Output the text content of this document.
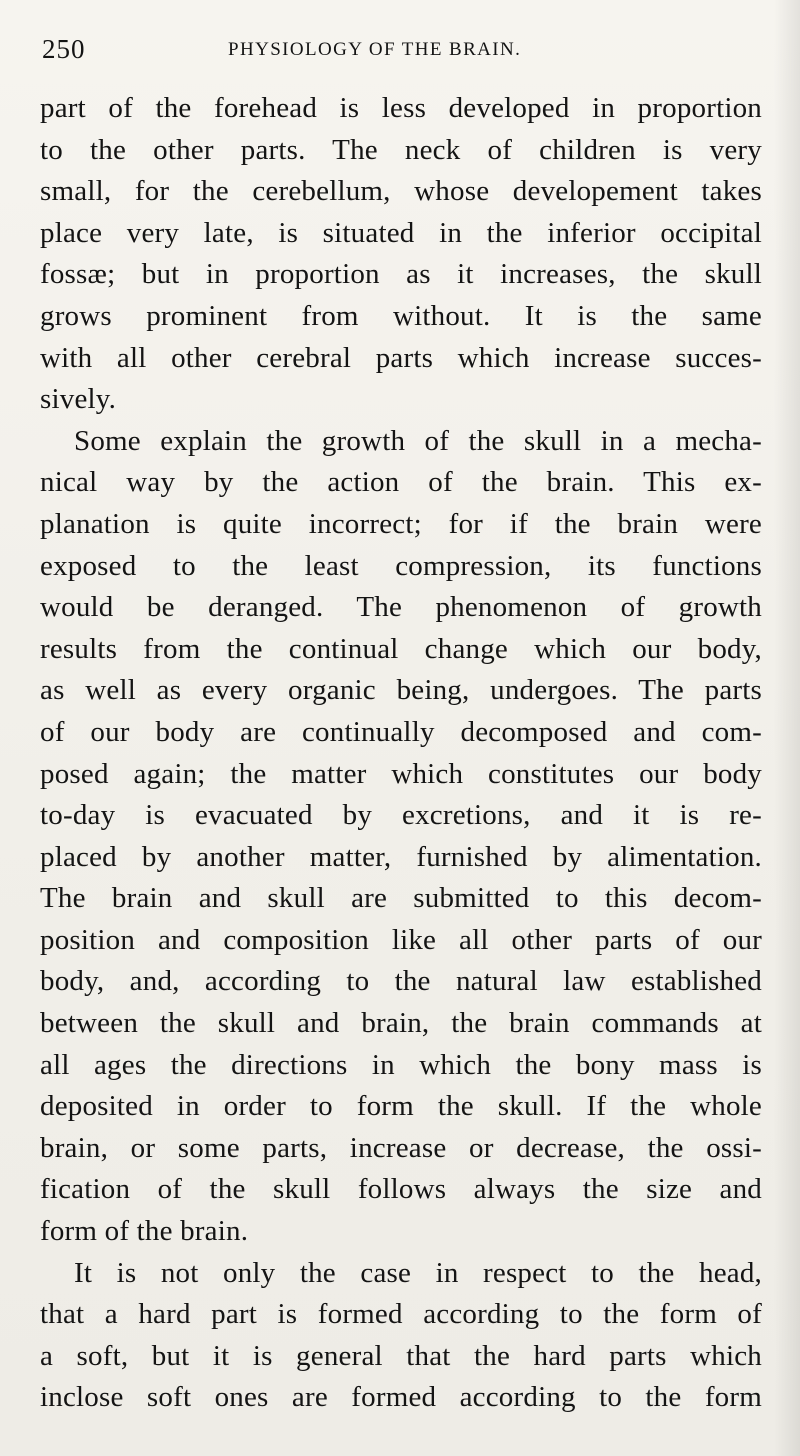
250	PHYSIOLOGY OF THE BRAIN.
part of the forehead is less developed in proportion
to the other parts. The neck of children is very
small, for the cerebellum, whose developement takes
place very late, is situated in the inferior occipital
fossæ; but in proportion as it increases, the skull
grows prominent from without. It is the same
with all other cerebral parts which increase succes-
sively.
Some explain the growth of the skull in a mecha-
nical way by the action of the brain. This ex-
planation is quite incorrect; for if the brain were
exposed to the least compression, its functions
would be deranged. The phenomenon of growth
results from the continual change which our body,
as well as every organic being, undergoes. The parts
of our body are continually decomposed and com-
posed again; the matter which constitutes our body
to-day is evacuated by excretions, and it is re-
placed by another matter, furnished by alimentation.
The brain and skull are submitted to this decom-
position and composition like all other parts of our
body, and, according to the natural law established
between the skull and brain, the brain commands at
all ages the directions in which the bony mass is
deposited in order to form the skull. If the whole
brain, or some parts, increase or decrease, the ossi-
fication of the skull follows always the size and
form of the brain.
It is not only the case in respect to the head,
that a hard part is formed according to the form of
a soft, but it is general that the hard parts which
inclose soft ones are formed according to the form
